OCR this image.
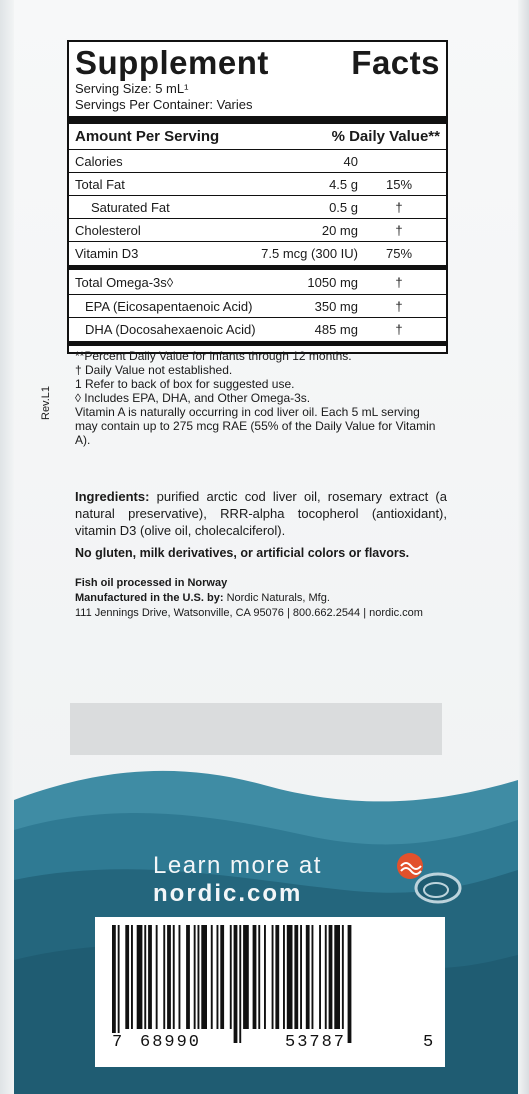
Supplement Facts
Serving Size: 5 mL¹
Servings Per Container: Varies
Amount Per Serving	% Daily Value**
Calories	40
Total Fat	4.5 g	15%
Saturated Fat	0.5 g	†
Cholesterol	20 mg	†
Vitamin D3	7.5 mcg (300 IU)	75%
Total Omega-3s◊	1050 mg	†
EPA (Eicosapentaenoic Acid)	350 mg	†
DHA (Docosahexaenoic Acid)	485 mg	†
**Percent Daily Value for infants through 12 months.
† Daily Value not established.
1 Refer to back of box for suggested use.
◊ Includes EPA, DHA, and Other Omega-3s.
Vitamin A is naturally occurring in cod liver oil. Each 5 mL serving may contain up to 275 mcg RAE (55% of the Daily Value for Vitamin A).
Rev.L1
Ingredients: purified arctic cod liver oil, rosemary extract (a natural preservative), RRR-alpha tocopherol (antioxidant), vitamin D3 (olive oil, cholecalciferol).
No gluten, milk derivatives, or artificial colors or flavors.
Fish oil processed in Norway
Manufactured in the U.S. by: Nordic Naturals, Mfg.
111 Jennings Drive, Watsonville, CA 95076 | 800.662.2544 | nordic.com
Learn more at
nordic.com
7 68990	53787	5
